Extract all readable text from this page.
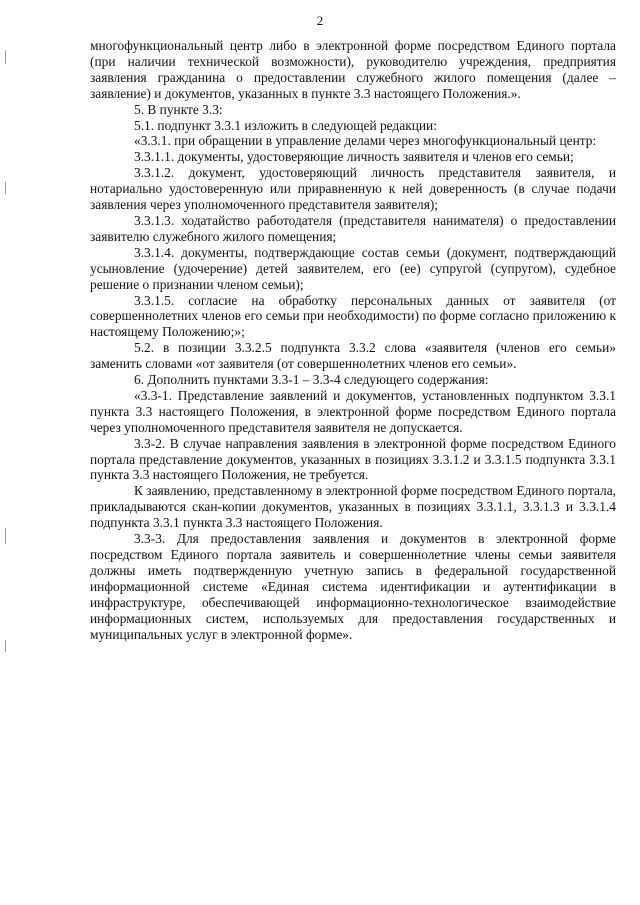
2

многофункциональный центр либо в электронной форме посредством Единого портала (при наличии технической возможности), руководителю учреждения, предприятия заявления гражданина о предоставлении служебного жилого помещения (далее – заявление) и документов, указанных в пункте 3.3 настоящего Положения.».

5. В пункте 3.3:

5.1. подпункт 3.3.1 изложить в следующей редакции:

«3.3.1. при обращении в управление делами через многофункциональный центр:

3.3.1.1. документы, удостоверяющие личность заявителя и членов его семьи;

3.3.1.2. документ, удостоверяющий личность представителя заявителя, и нотариально удостоверенную или приравненную к ней доверенность (в случае подачи заявления через уполномоченного представителя заявителя);

3.3.1.3. ходатайство работодателя (представителя нанимателя) о предоставлении заявителю служебного жилого помещения;

3.3.1.4. документы, подтверждающие состав семьи (документ, подтверждающий усыновление (удочерение) детей заявителем, его (ее) супругой (супругом), судебное решение о признании членом семьи);

3.3.1.5. согласие на обработку персональных данных от заявителя (от совершеннолетних членов его семьи при необходимости) по форме согласно приложению к настоящему Положению;»;

5.2. в позиции 3.3.2.5 подпункта 3.3.2 слова «заявителя (членов его семьи» заменить словами «от заявителя (от совершеннолетних членов его семьи».

6. Дополнить пунктами 3.3-1 – 3.3-4 следующего содержания:

«3.3-1. Представление заявлений и документов, установленных подпунктом 3.3.1 пункта 3.3 настоящего Положения, в электронной форме посредством Единого портала через уполномоченного представителя заявителя не допускается.

3.3-2. В случае направления заявления в электронной форме посредством Единого портала представление документов, указанных в позициях 3.3.1.2 и 3.3.1.5 подпункта 3.3.1 пункта 3.3 настоящего Положения, не требуется.

К заявлению, представленному в электронной форме посредством Единого портала, прикладываются скан-копии документов, указанных в позициях 3.3.1.1, 3.3.1.3 и 3.3.1.4 подпункта 3.3.1 пункта 3.3 настоящего Положения.

3.3-3. Для предоставления заявления и документов в электронной форме посредством Единого портала заявитель и совершеннолетние члены семьи заявителя должны иметь подтвержденную учетную запись в федеральной государственной информационной системе «Единая система идентификации и аутентификации в инфраструктуре, обеспечивающей информационно-технологическое взаимодействие информационных систем, используемых для предоставления государственных и муниципальных услуг в электронной форме».
